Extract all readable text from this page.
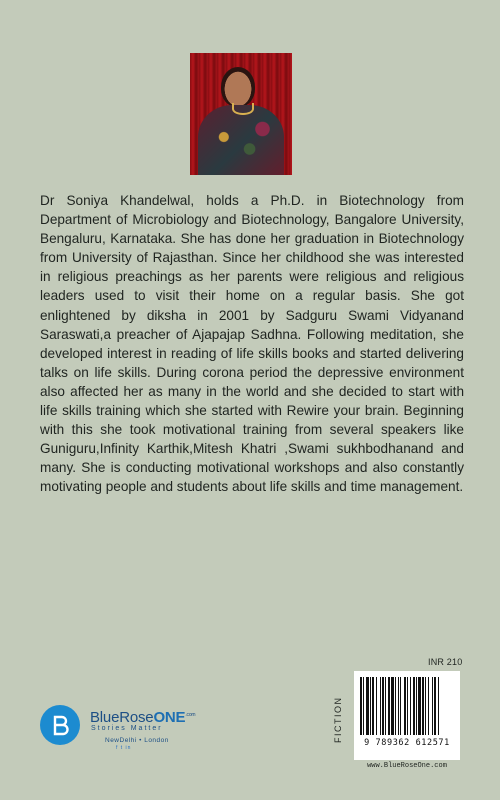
Dr Soniya Khandelwal, holds a Ph.D. in Biotechnology from Department of Microbiology and Biotechnology, Bangalore University, Bengaluru, Karnataka. She has done her graduation in Biotechnology from University of Rajasthan. Since her childhood she was interested in religious preachings as her parents were religious and religious leaders used to visit their home on a regular basis. She got enlightened by diksha in 2001 by Sadguru Swami Vidyanand Saraswati,a preacher of Ajapajap Sadhna. Following meditation, she developed interest in reading of life skills books and started delivering talks on life skills. During corona period the depressive environment also affected her as many in the world and she decided to start with life skills training which she started with Rewire your brain. Beginning with this she took motivational training from several speakers like Guniguru,Infinity Karthik,Mitesh Khatri ,Swami sukhbodhanand and many. She is conducting motivational workshops and also constantly motivating people and students about life skills and time management.

INR 210
FICTION	9 789362 612571
www.BlueRoseOne.com
BlueRoseONE$^{.com}$
Stories Matter
NewDelhi • London
f t in
